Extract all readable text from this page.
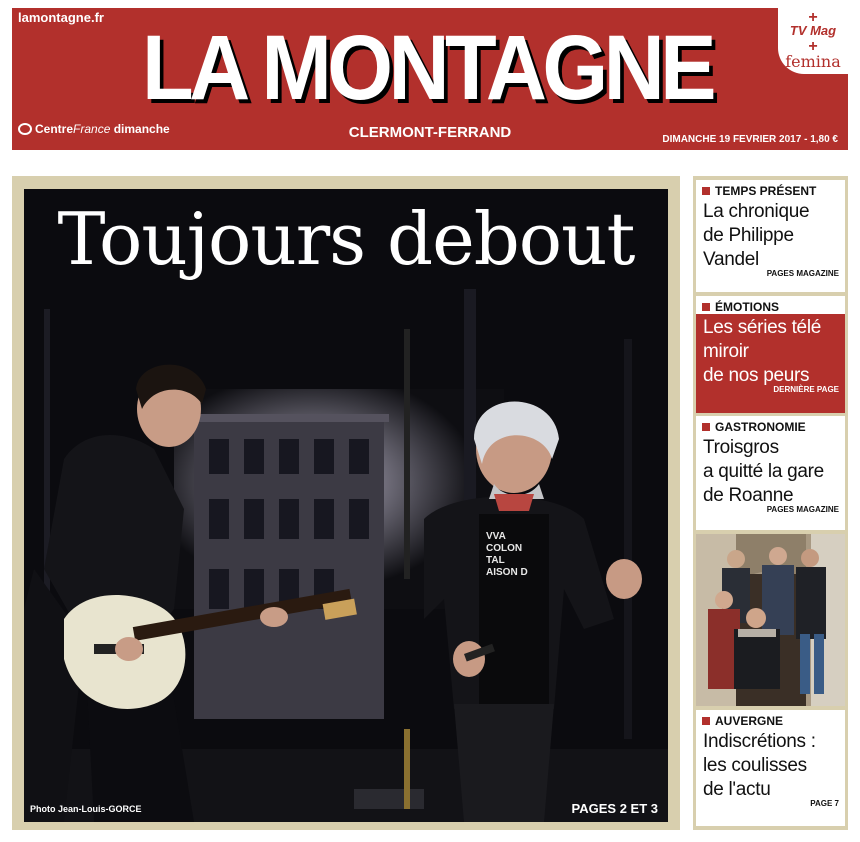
lamontagne.fr LA MONTAGNE	+
TV Mag
+
femina
CentreFrance dimanche	CLERMONT-FERRAND	DIMANCHE 19 FEVRIER 2017 - 1,80 €
VVA
COLON
TAL
AISON D
Toujours debout
Photo Jean-Louis-GORCE	PAGES 2 ET 3
TEMPS PRÉSENT
La chronique
de Philippe
Vandel
PAGES MAGAZINE
ÉMOTIONS
Les séries télé
miroir
de nos peurs
DERNIÈRE PAGE
GASTRONOMIE
Troisgros
a quitté la gare
de Roanne
PAGES MAGAZINE
AUVERGNE
Indiscrétions :
les coulisses
de l'actu
PAGE 7
